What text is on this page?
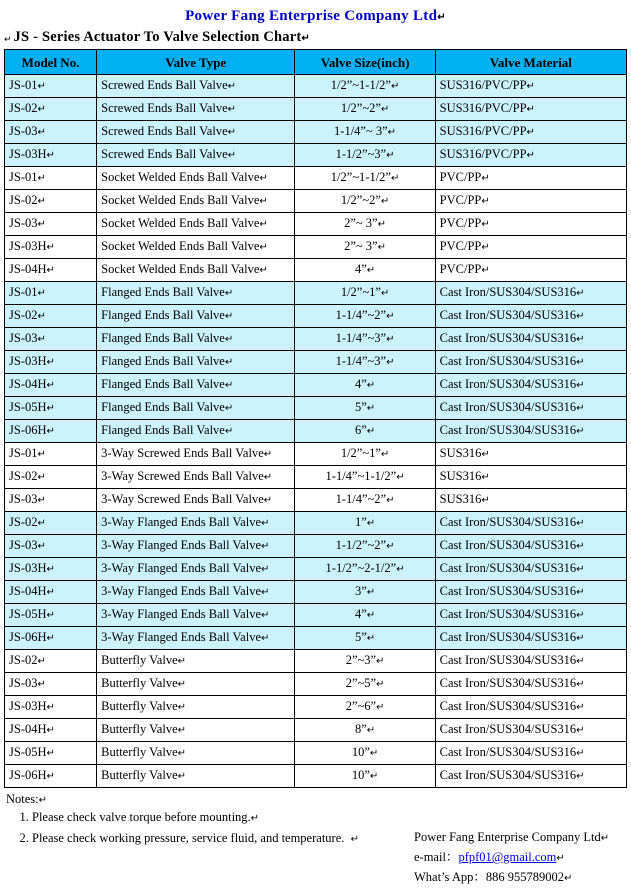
Power Fang Enterprise Company Ltd↵
↵ JS - Series Actuator To Valve Selection Chart↵
Model No.	Valve Type	Valve Size(inch)	Valve Material
JS-01↵	Screwed Ends Ball Valve↵	1/2”~1-1/2”↵	SUS316/PVC/PP↵
JS-02↵	Screwed Ends Ball Valve↵	1/2”~2”↵	SUS316/PVC/PP↵
JS-03↵	Screwed Ends Ball Valve↵	1-1/4”~ 3”↵	SUS316/PVC/PP↵
JS-03H↵	Screwed Ends Ball Valve↵	1-1/2”~3”↵	SUS316/PVC/PP↵
JS-01↵	Socket Welded Ends Ball Valve↵	1/2”~1-1/2”↵	PVC/PP↵
JS-02↵	Socket Welded Ends Ball Valve↵	1/2”~2”↵	PVC/PP↵
JS-03↵	Socket Welded Ends Ball Valve↵	2”~ 3”↵	PVC/PP↵
JS-03H↵	Socket Welded Ends Ball Valve↵	2”~ 3”↵	PVC/PP↵
JS-04H↵	Socket Welded Ends Ball Valve↵	4”↵	PVC/PP↵
JS-01↵	Flanged Ends Ball Valve↵	1/2”~1”↵	Cast Iron/SUS304/SUS316↵
JS-02↵	Flanged Ends Ball Valve↵	1-1/4”~2”↵	Cast Iron/SUS304/SUS316↵
JS-03↵	Flanged Ends Ball Valve↵	1-1/4”~3”↵	Cast Iron/SUS304/SUS316↵
JS-03H↵	Flanged Ends Ball Valve↵	1-1/4”~3”↵	Cast Iron/SUS304/SUS316↵
JS-04H↵	Flanged Ends Ball Valve↵	4”↵	Cast Iron/SUS304/SUS316↵
JS-05H↵	Flanged Ends Ball Valve↵	5”↵	Cast Iron/SUS304/SUS316↵
JS-06H↵	Flanged Ends Ball Valve↵	6”↵	Cast Iron/SUS304/SUS316↵
JS-01↵	3-Way Screwed Ends Ball Valve↵	1/2”~1”↵	SUS316↵
JS-02↵	3-Way Screwed Ends Ball Valve↵	1-1/4”~1-1/2”↵	SUS316↵
JS-03↵	3-Way Screwed Ends Ball Valve↵	1-1/4”~2”↵	SUS316↵
JS-02↵	3-Way Flanged Ends Ball Valve↵	1”↵	Cast Iron/SUS304/SUS316↵
JS-03↵	3-Way Flanged Ends Ball Valve↵	1-1/2”~2”↵	Cast Iron/SUS304/SUS316↵
JS-03H↵	3-Way Flanged Ends Ball Valve↵	1-1/2”~2-1/2”↵	Cast Iron/SUS304/SUS316↵
JS-04H↵	3-Way Flanged Ends Ball Valve↵	3”↵	Cast Iron/SUS304/SUS316↵
JS-05H↵	3-Way Flanged Ends Ball Valve↵	4”↵	Cast Iron/SUS304/SUS316↵
JS-06H↵	3-Way Flanged Ends Ball Valve↵	5”↵	Cast Iron/SUS304/SUS316↵
JS-02↵	Butterfly Valve↵	2”~3”↵	Cast Iron/SUS304/SUS316↵
JS-03↵	Butterfly Valve↵	2”~5”↵	Cast Iron/SUS304/SUS316↵
JS-03H↵	Butterfly Valve↵	2”~6”↵	Cast Iron/SUS304/SUS316↵
JS-04H↵	Butterfly Valve↵	8”↵	Cast Iron/SUS304/SUS316↵
JS-05H↵	Butterfly Valve↵	10”↵	Cast Iron/SUS304/SUS316↵
JS-06H↵	Butterfly Valve↵	10”↵	Cast Iron/SUS304/SUS316↵
Notes:↵
1. Please check valve torque before mounting.↵
2. Please check working pressure, service fluid, and temperature. ↵	Power Fang Enterprise Company Ltd↵
e-mail：pfpf01@gmail.com↵
What’s App：886 955789002↵
